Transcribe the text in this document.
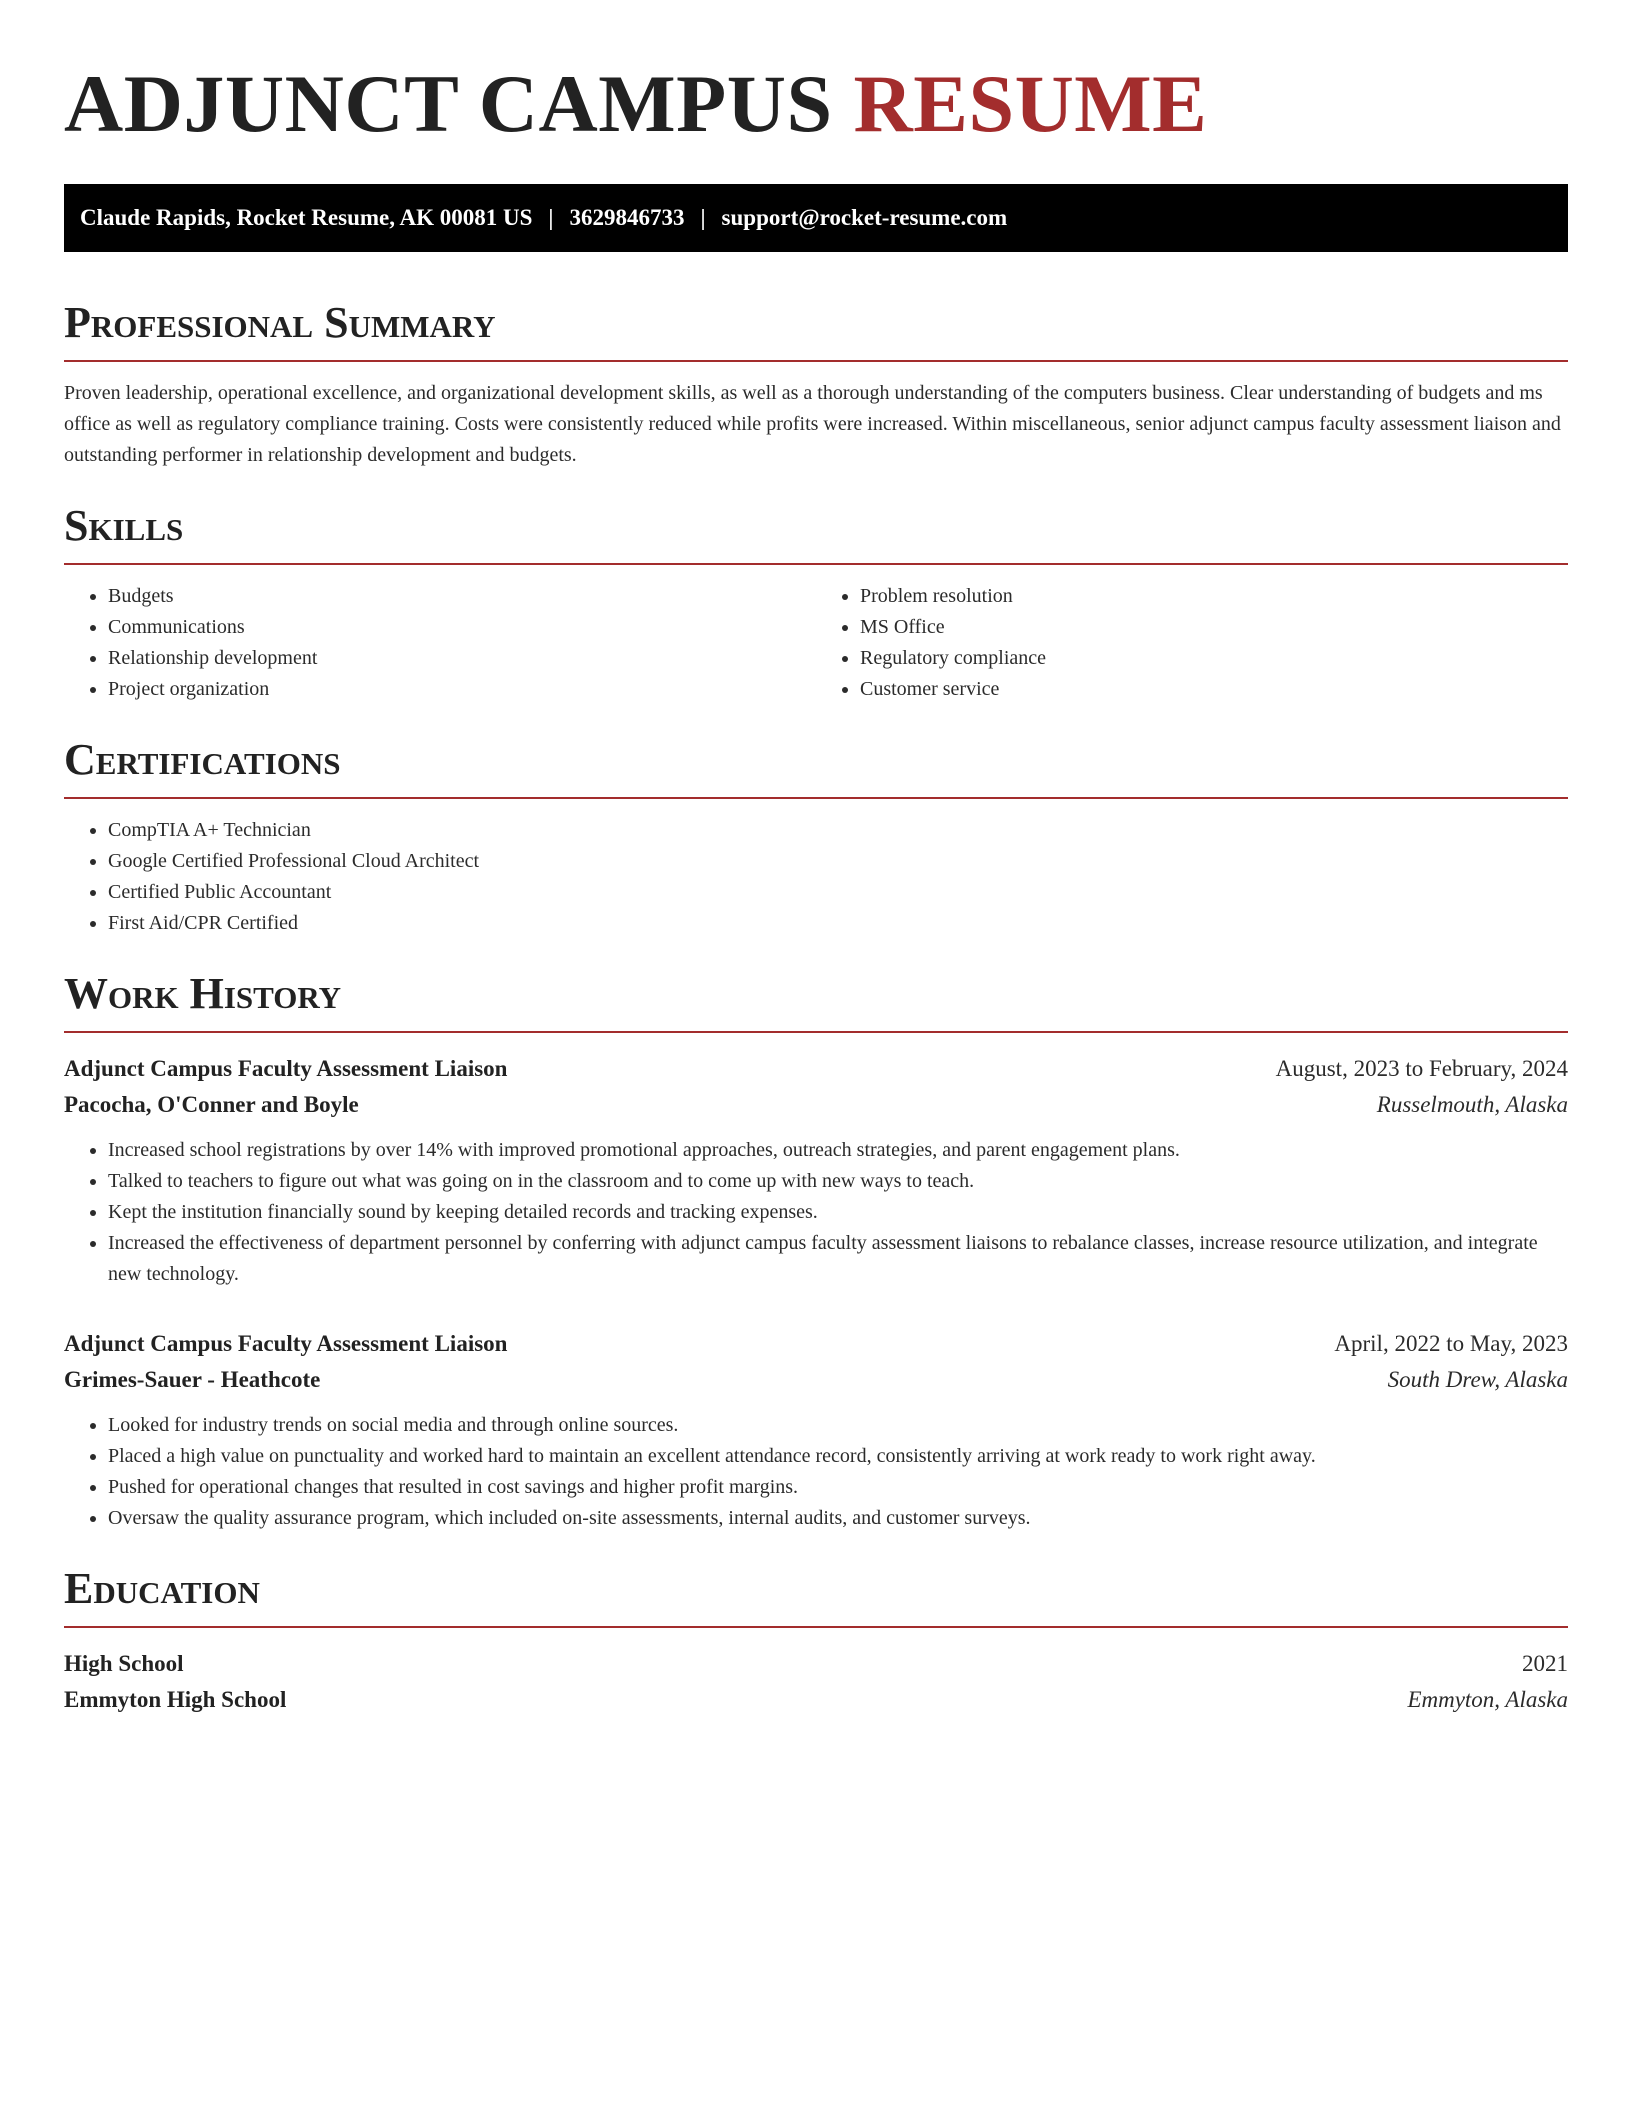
ADJUNCT CAMPUS RESUME
Claude Rapids, Rocket Resume, AK 00081 US | 3629846733 | support@rocket-resume.com
Professional Summary

Proven leadership, operational excellence, and organizational development skills, as well as a thorough understanding of the computers business. Clear understanding of budgets and ms office as well as regulatory compliance training. Costs were consistently reduced while profits were increased. Within miscellaneous, senior adjunct campus faculty assessment liaison and outstanding performer in relationship development and budgets.

Skills
• Budgets
• Communications
• Relationship development
• Project organization
• Problem resolution
• MS Office
• Regulatory compliance
• Customer service
Certifications
• CompTIA A+ Technician
• Google Certified Professional Cloud Architect
• Certified Public Accountant
• First Aid/CPR Certified
Work History
Adjunct Campus Faculty Assessment Liaison	August, 2023 to February, 2024
Pacocha, O'Conner and Boyle	Russelmouth, Alaska
• Increased school registrations by over 14% with improved promotional approaches, outreach strategies, and parent engagement plans.
• Talked to teachers to figure out what was going on in the classroom and to come up with new ways to teach.
• Kept the institution financially sound by keeping detailed records and tracking expenses.
• Increased the effectiveness of department personnel by conferring with adjunct campus faculty assessment liaisons to rebalance classes, increase resource utilization, and integrate new technology.
Adjunct Campus Faculty Assessment Liaison	April, 2022 to May, 2023
Grimes-Sauer - Heathcote	South Drew, Alaska
• Looked for industry trends on social media and through online sources.
• Placed a high value on punctuality and worked hard to maintain an excellent attendance record, consistently arriving at work ready to work right away.
• Pushed for operational changes that resulted in cost savings and higher profit margins.
• Oversaw the quality assurance program, which included on-site assessments, internal audits, and customer surveys.
Education
High School	2021
Emmyton High School	Emmyton, Alaska
